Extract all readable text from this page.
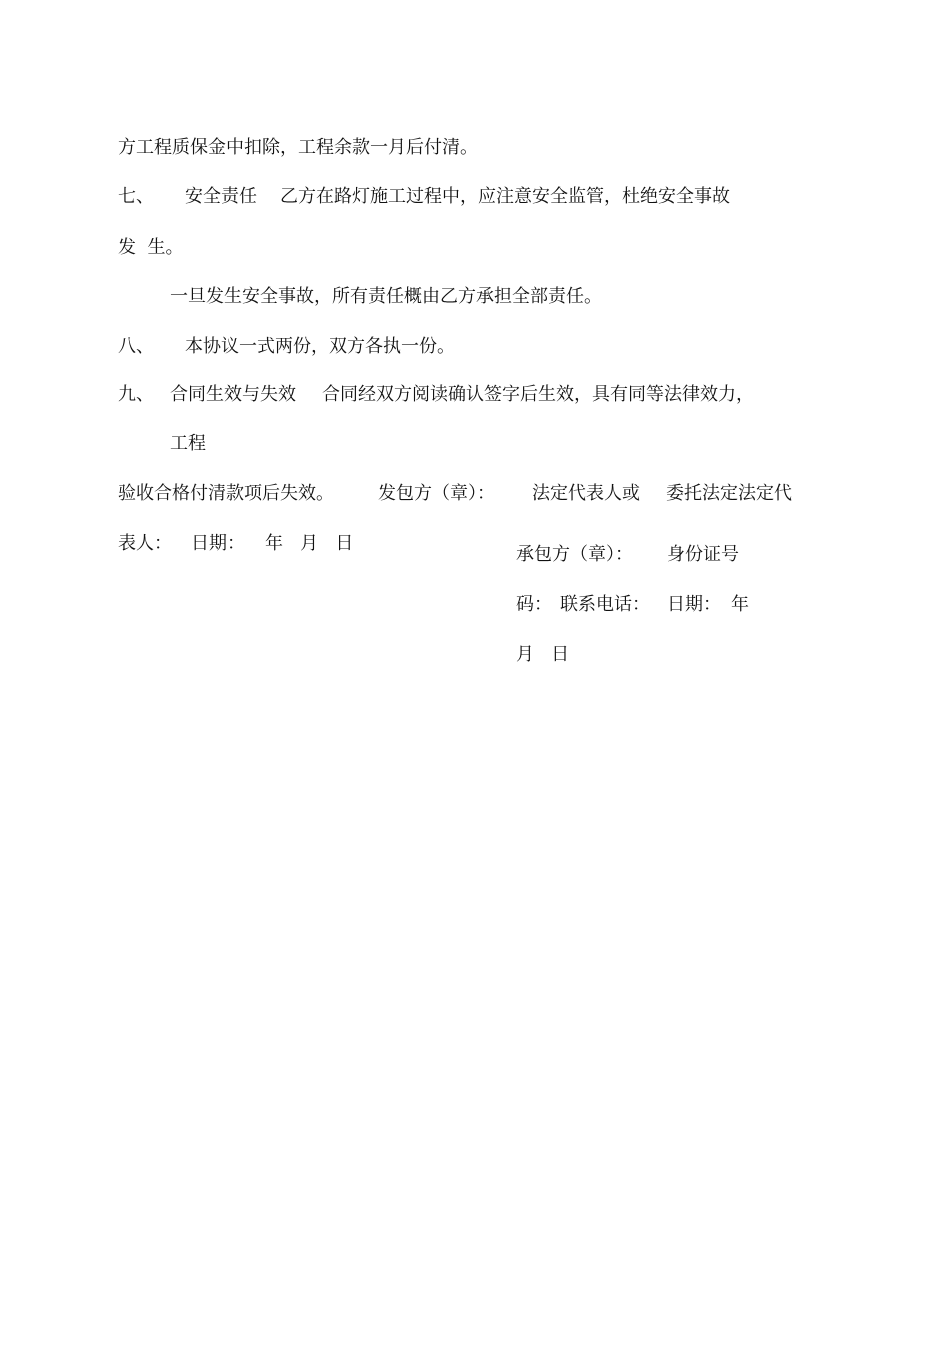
方工程质保金中扣除，工程余款一月后付清。
七、 安全责任 乙方在路灯施工过程中，应注意安全监管，杜绝安全事故
发  生。
一旦发生安全事故，所有责任概由乙方承担全部责任。
八、 本协议一式两份，双方各执一份。
九、 合同生效与失效 合同经双方阅读确认签字后生效，具有同等法律效力，
工程
验收合格付清款项后失效。 发包方（章）： 法定代表人或 委托法定法定代
表人： 日期： 年   月   日
承包方（章）： 身份证号
码： 联系电话： 日期： 年
月   日
